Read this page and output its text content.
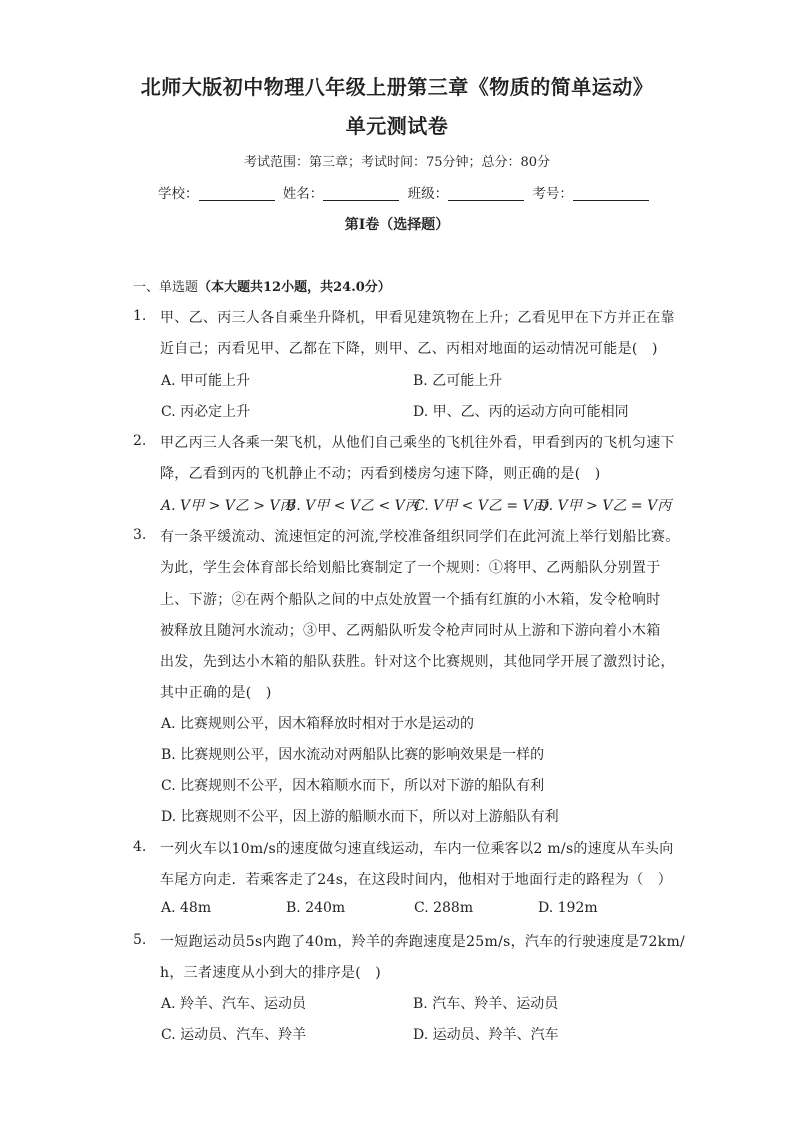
北师大版初中物理八年级上册第三章《物质的简单运动》
单元测试卷
考试范围：第三章；考试时间：75分钟；总分：80分
学校：	姓名：	班级：	考号：
第I卷（选择题）
一、单选题（本大题共12小题，共24.0分）
1. 甲、乙、丙三人各自乘坐升降机，甲看见建筑物在上升；乙看见甲在下方并正在靠
近自己；丙看见甲、乙都在下降，则甲、乙、丙相对地面的运动情况可能是(　)
A. 甲可能上升	B. 乙可能上升
C. 丙必定上升	D. 甲、乙、丙的运动方向可能相同
2. 甲乙丙三人各乘一架飞机，从他们自己乘坐的飞机往外看，甲看到丙的飞机匀速下
降，乙看到丙的飞机静止不动；丙看到楼房匀速下降，则正确的是(　)
A. V甲 > V乙 > V丙
B. V甲 < V乙 < V丙
C. V甲 < V乙 = V丙
D. V甲 > V乙 = V丙
3. 有一条平缓流动、流速恒定的河流,学校准备组织同学们在此河流上举行划船比赛。
为此，学生会体育部长给划船比赛制定了一个规则：①将甲、乙两船队分别置于
上、下游；②在两个船队之间的中点处放置一个插有红旗的小木箱，发令枪响时
被释放且随河水流动；③甲、乙两船队听发令枪声同时从上游和下游向着小木箱
出发，先到达小木箱的船队获胜。针对这个比赛规则，其他同学开展了激烈讨论，
其中正确的是(　)
A. 比赛规则公平，因木箱释放时相对于水是运动的
B. 比赛规则公平，因水流动对两船队比赛的影响效果是一样的
C. 比赛规则不公平，因木箱顺水而下，所以对下游的船队有利
D. 比赛规则不公平，因上游的船顺水而下，所以对上游船队有利
4. 一列火车以10m/s的速度做匀速直线运动，车内一位乘客以2 m/s的速度从车头向
车尾方向走．若乘客走了24s，在这段时间内，他相对于地面行走的路程为（　）
A. 48m	B. 240m	C. 288m	D. 192m
5. 一短跑运动员5s内跑了40m，羚羊的奔跑速度是25m/s，汽车的行驶速度是72km/
h，三者速度从小到大的排序是(　)
A. 羚羊、汽车、运动员	B. 汽车、羚羊、运动员
C. 运动员、汽车、羚羊	D. 运动员、羚羊、汽车
